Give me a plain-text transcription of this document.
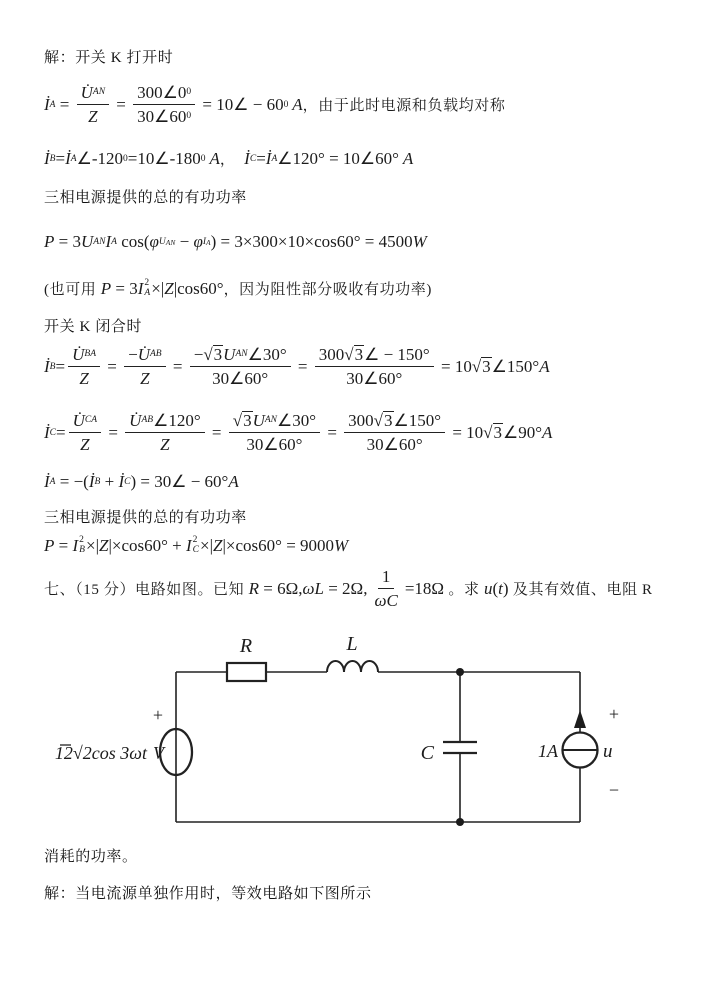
解：开关 K 打开时
İ $A = \frac{U̇ AN}{Z} = \frac{300\angle 0 0}{30\angle 60 0}$ = 10∠ − 60 0 A ，由于此时电源和负载均对称
İ B = İ A ∠-120 0 =10∠-180 0 A ， İ C = İ A ∠120° = 10∠60° A
三相电源提供的总的有功功率
P = 3 U AN I A cos( φ U AN − φ I A ) = 3×300×10×cos60° = 4500 W
(也可用 P = 3 I 2
A ×| Z |cos60° ，因为阻性部分吸收有功功率)
开关 K 闭合时
İ $B = \frac{U̇ BA}{Z} = \frac{- U̇ AB}{Z} = \frac{\text{− √ 3 U AN ∠30°}}{30\angle 60^\circ} = \frac{300 √ 3 \angle - 150^\circ}{30\angle 60^\circ} = 10$ √ 3 ∠150° A
İ $C = \frac{U̇ CA}{Z} = \frac{U̇ AB \angle 120^\circ}{Z} = \frac{\text{√ 3 U AN ∠30°}}{30\angle 60^\circ} = \frac{300 √ 3 \angle 150^\circ}{30\angle 60^\circ} = 10$ √ 3 ∠90° A
İ A = −( İ B + İ C ) = 30∠ − 60° A
三相电源提供的总的有功功率
P = I 2
B ×| Z |×cos60° + I 2
C ×| Z |×cos60° = 9000 W
七、（15 分）电路如图。已知 R = 6Ω, ω L = 2Ω, $\frac{1}{\text{ω C}} =18\Omega$ 。求 u ( t ) 及其有效值、电阻 R
R	L
C
12√2cos 3ωt V	1A u
+	+
−
消耗的功率。
解：当电流源单独作用时，等效电路如下图所示
